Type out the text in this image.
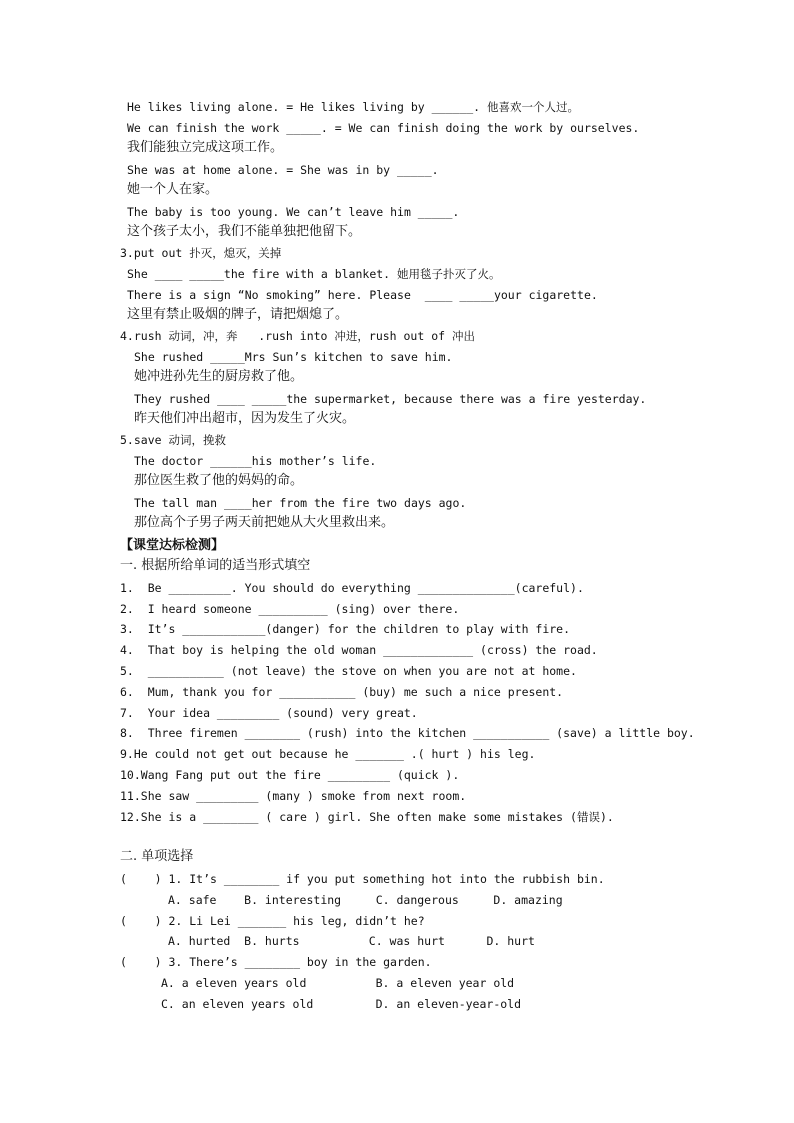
He likes living alone. = He likes living by ______. 他喜欢一个人过。
We can finish the work _____. = We can finish doing the work by ourselves.
我们能独立完成这项工作。
She was at home alone. = She was in by _____.
她一个人在家。
The baby is too young. We can’t leave him _____.
这个孩子太小，我们不能单独把他留下。
3.put out 扑灭，熄灭，关掉
She ____ _____the fire with a blanket. 她用毯子扑灭了火。
There is a sign “No smoking” here. Please  ____ _____your cigarette.
这里有禁止吸烟的牌子，请把烟熄了。
4.rush 动词，冲，奔   .rush into 冲进，rush out of 冲出
She rushed _____Mrs Sun’s kitchen to save him.
她冲进孙先生的厨房救了他。
They rushed ____ _____the supermarket, because there was a fire yesterday.
昨天他们冲出超市，因为发生了火灾。
5.save 动词，挽救
The doctor ______his mother’s life.
那位医生救了他的妈妈的命。
The tall man ____her from the fire two days ago.
那位高个子男子两天前把她从大火里救出来。
【课堂达标检测】
一. 根据所给单词的适当形式填空
1.  Be _________. You should do everything ______________(careful).
2.  I heard someone __________ (sing) over there.
3.  It’s ____________(danger) for the children to play with fire.
4.  That boy is helping the old woman _____________ (cross) the road.
5.  ___________ (not leave) the stove on when you are not at home.
6.  Mum, thank you for ___________ (buy) me such a nice present.
7.  Your idea _________ (sound) very great.
8.  Three firemen ________ (rush) into the kitchen ___________ (save) a little boy.
9.He could not get out because he _______ .( hurt ) his leg.
10.Wang Fang put out the fire _________ (quick ).
11.She saw _________ (many ) smoke from next room.
12.She is a ________ ( care ) girl. She often make some mistakes (错误).
二. 单项选择
(    ) 1. It’s ________ if you put something hot into the rubbish bin.
A. safe    B. interesting     C. dangerous     D. amazing
(    ) 2. Li Lei _______ his leg, didn’t he?
A. hurted  B. hurts          C. was hurt      D. hurt
(    ) 3. There’s ________ boy in the garden.
A. a eleven years old          B. a eleven year old
C. an eleven years old         D. an eleven-year-old
